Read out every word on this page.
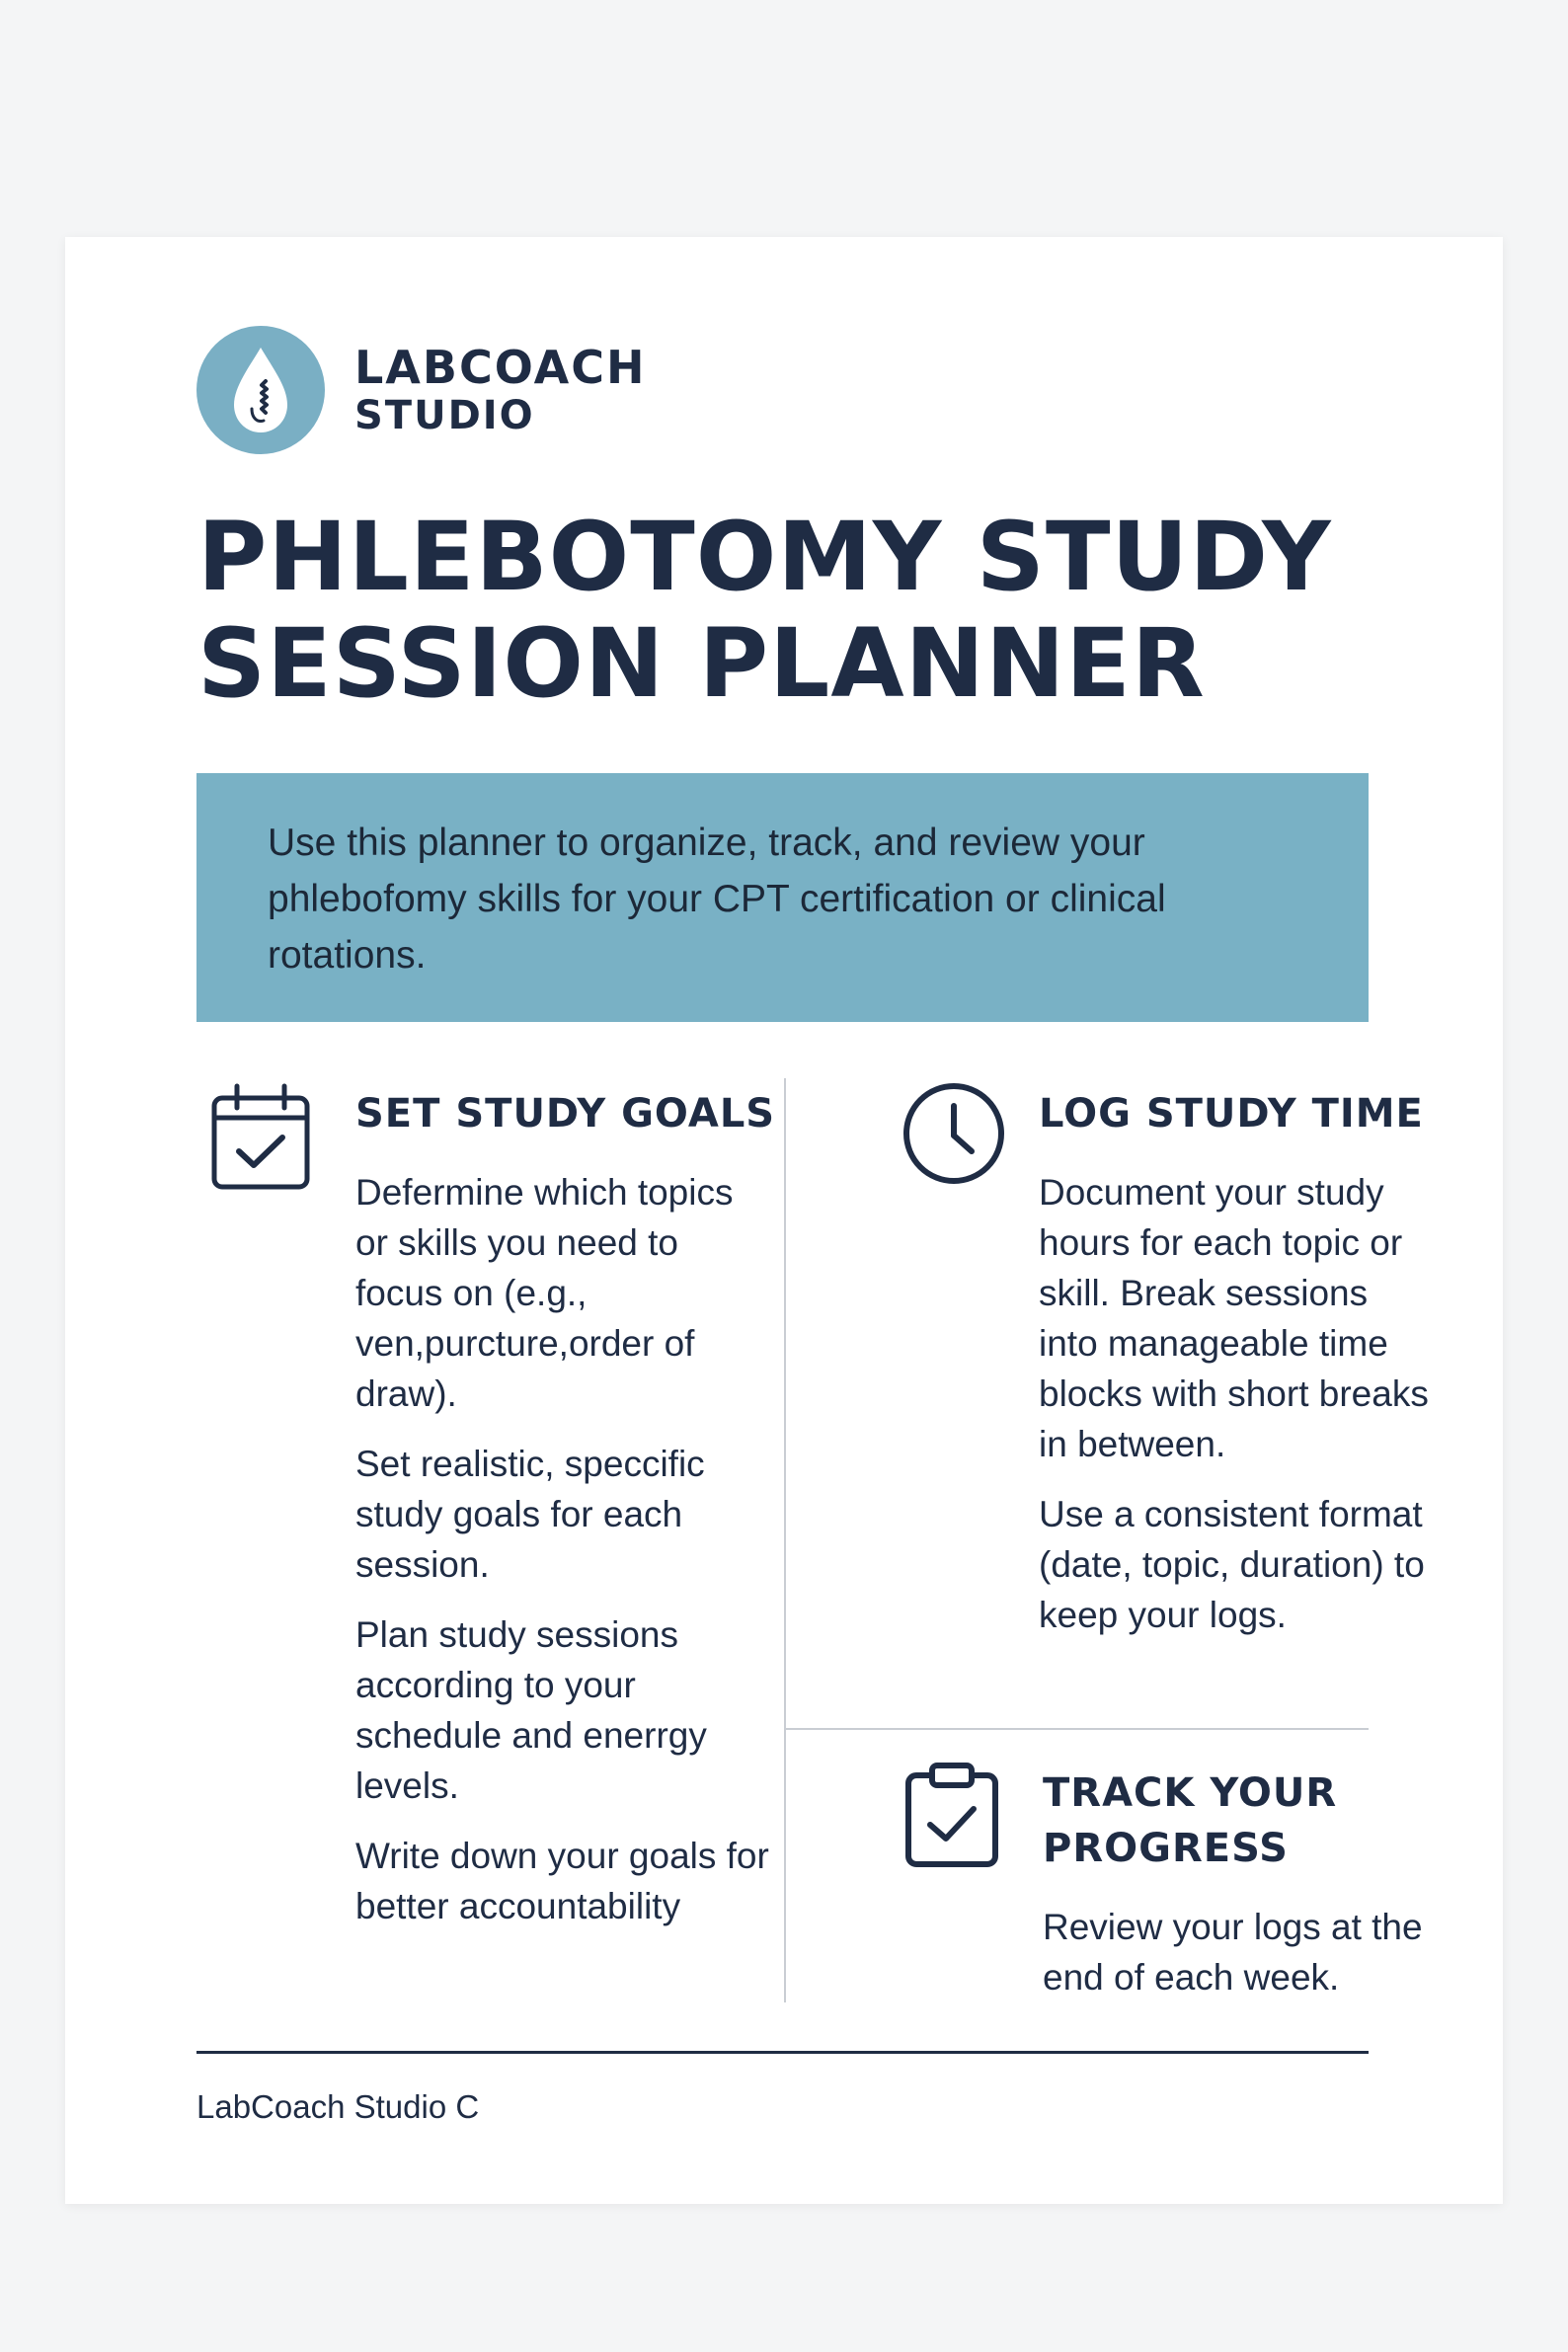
LABCOACH
STUDIO
PHLEBOTOMY STUDY SESSION PLANNER
Use this planner to organize, track, and review your phlebofomy skills for your CPT certification or clinical rotations.
SET STUDY GOALS

Defermine which topics or skills you need to focus on (e.g., ven,purcture,order of draw).

Set realistic, speccific study goals for each session.

Plan study sessions according to your schedule and enerrgy levels.

Write down your goals for better accountability

LOG STUDY TIME

Document your study hours for each topic or skill. Break sessions into manageable time blocks with short breaks in between.

Use a consistent format (date, topic, duration) to keep your logs.

TRACK YOUR PROGRESS

Review your logs at the end of each week.

LabCoach Studio C
